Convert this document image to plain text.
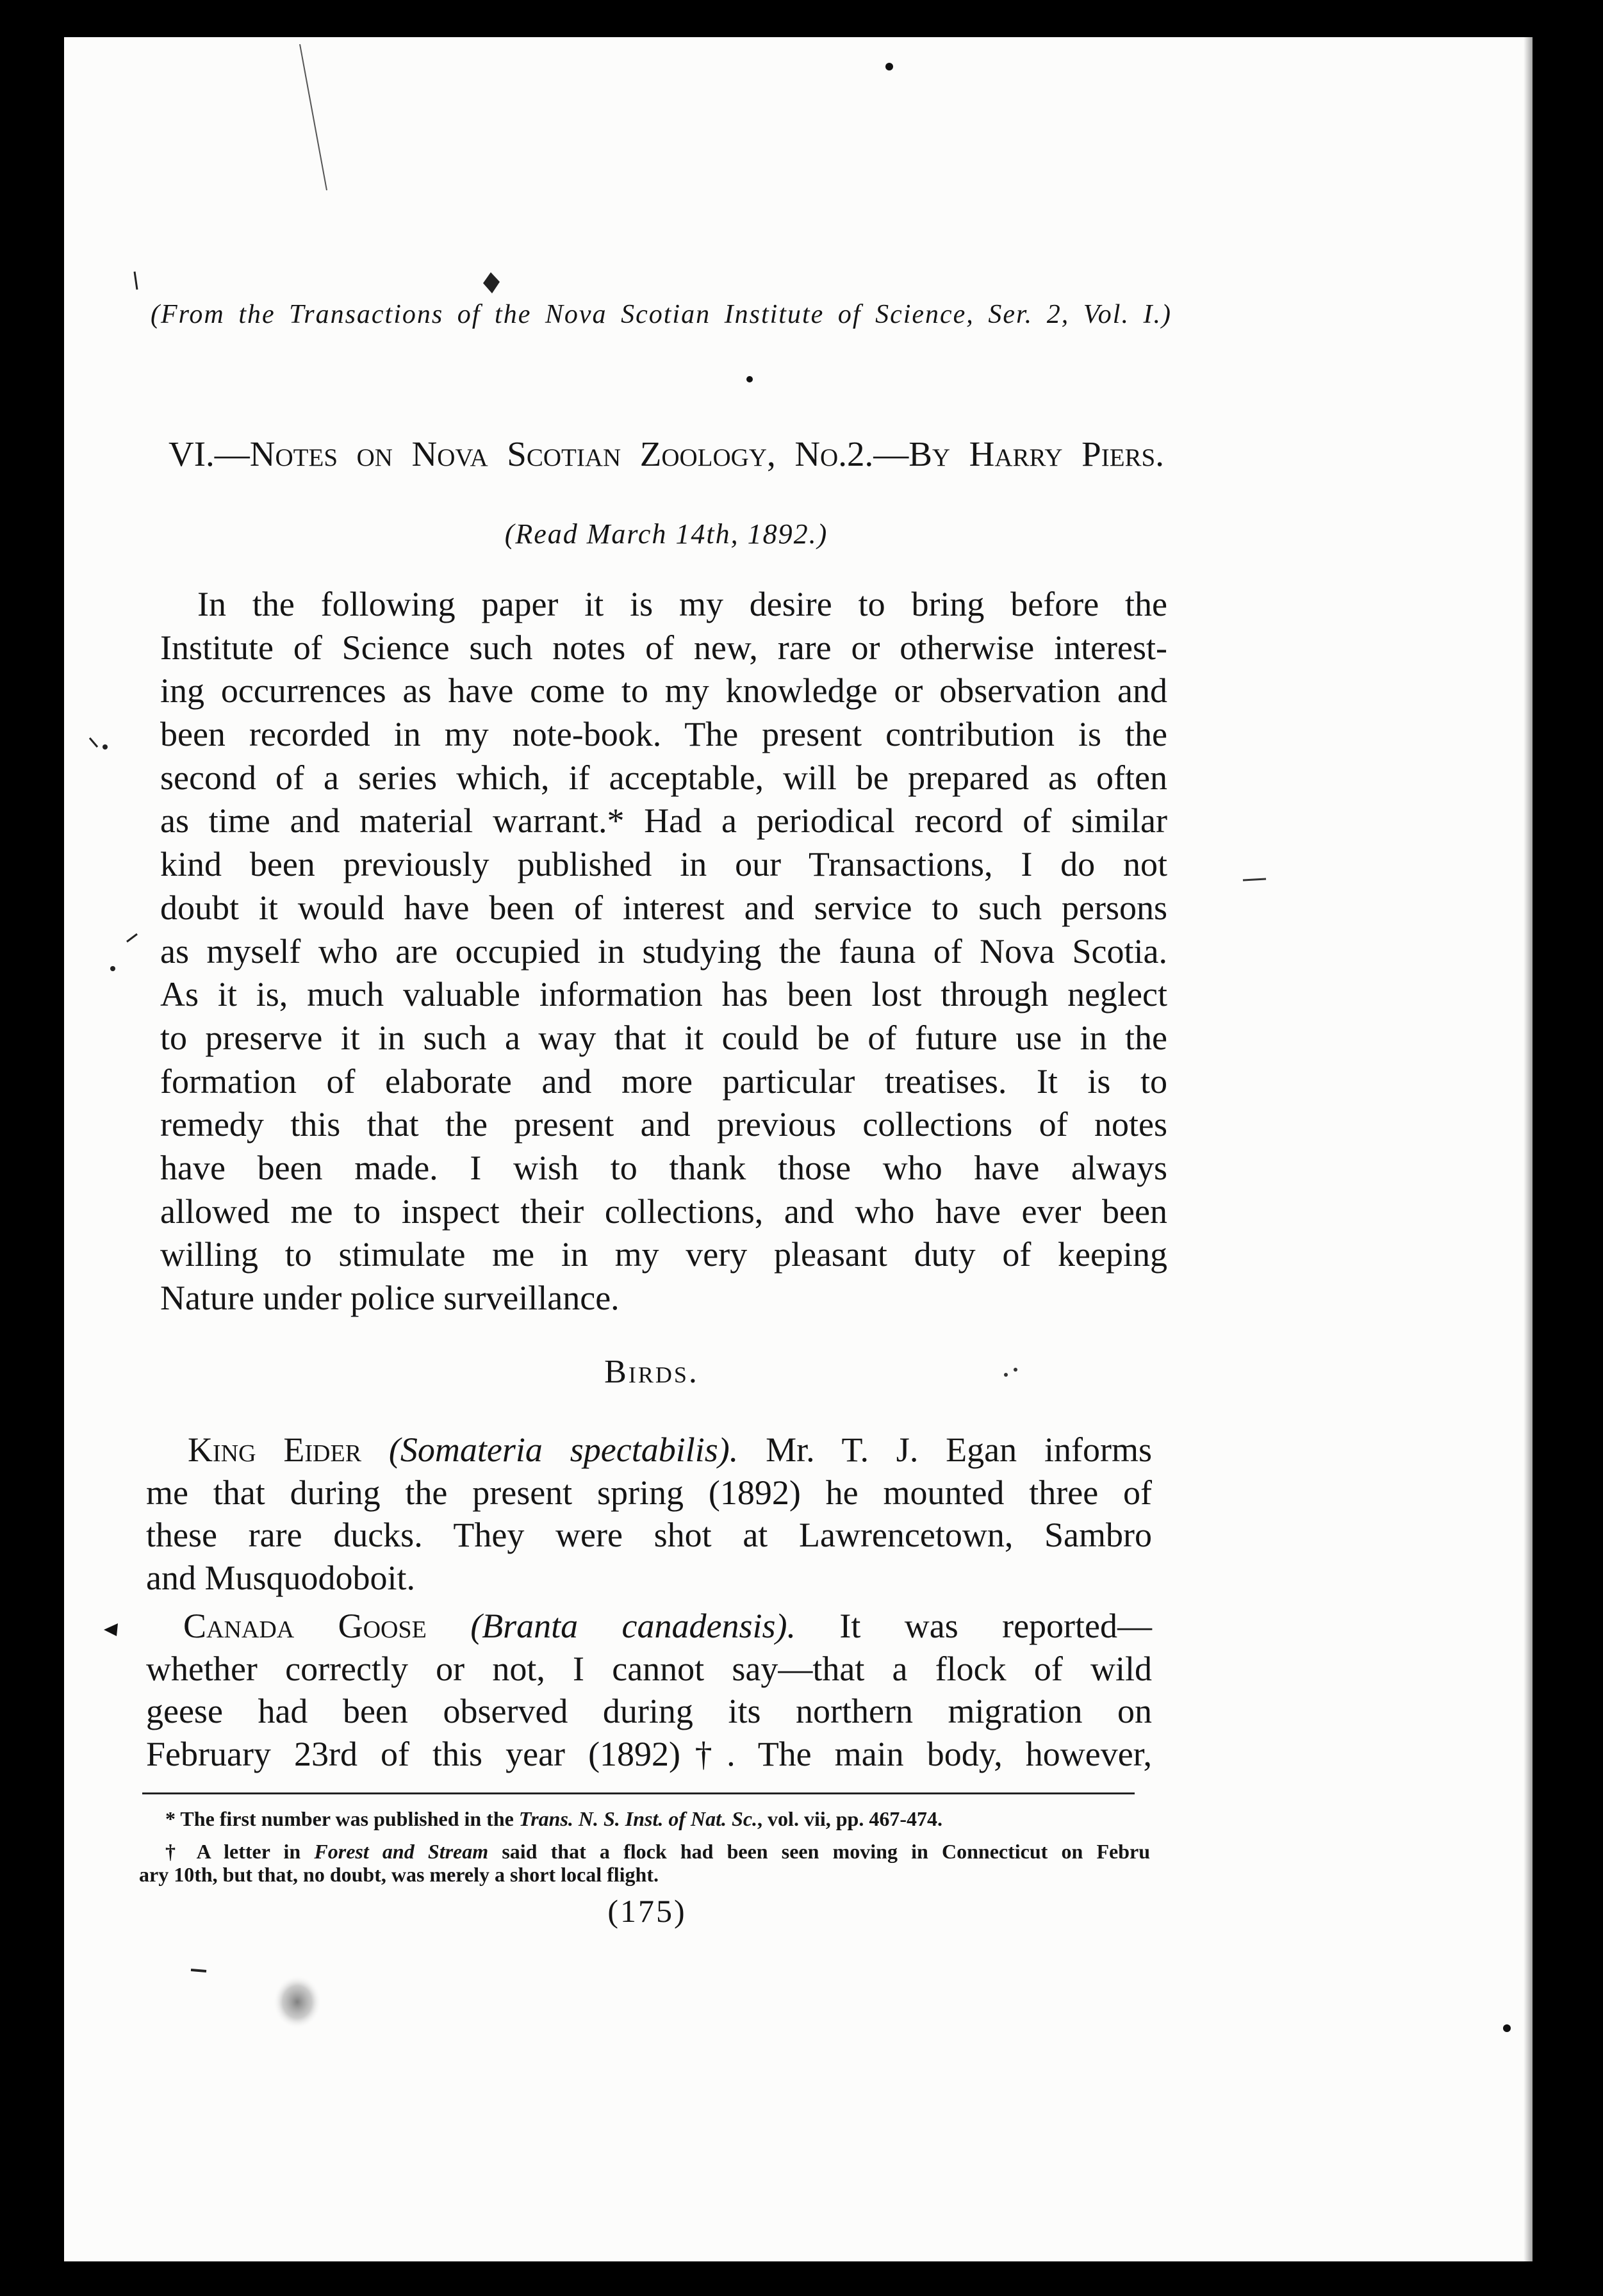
(From the Transactions of the Nova Scotian Institute of Science, Ser. 2, Vol. I.)
VI.—Notes on Nova Scotian Zoology, No.2.—By Harry Piers.
(Read March 14th, 1892.)
In the following paper it is my desire to bring before the
Institute of Science such notes of new, rare or otherwise interest-
ing occurrences as have come to my knowledge or observation and
been recorded in my note-book. The present contribution is the
second of a series which, if acceptable, will be prepared as often
as time and material warrant.* Had a periodical record of similar
kind been previously published in our Transactions, I do not
doubt it would have been of interest and service to such persons
as myself who are occupied in studying the fauna of Nova Scotia.
As it is, much valuable information has been lost through neglect
to preserve it in such a way that it could be of future use in the
formation of elaborate and more particular treatises. It is to
remedy this that the present and previous collections of notes
have been made. I wish to thank those who have always
allowed me to inspect their collections, and who have ever been
willing to stimulate me in my very pleasant duty of keeping
Nature under police surveillance.
Birds.
King Eider (Somateria spectabilis). Mr. T. J. Egan informs
me that during the present spring (1892) he mounted three of
these rare ducks. They were shot at Lawrencetown, Sambro
and Musquodoboit.
Canada Goose (Branta canadensis). It was reported—
whether correctly or not, I cannot say—that a flock of wild
geese had been observed during its northern migration on
February 23rd of this year (1892)†. The main body, however,
* The first number was published in the Trans. N. S. Inst. of Nat. Sc., vol. vii, pp. 467-474.
† A letter in Forest and Stream said that a flock had been seen moving in Connecticut on Febru
ary 10th, but that, no doubt, was merely a short local flight.
(175)
